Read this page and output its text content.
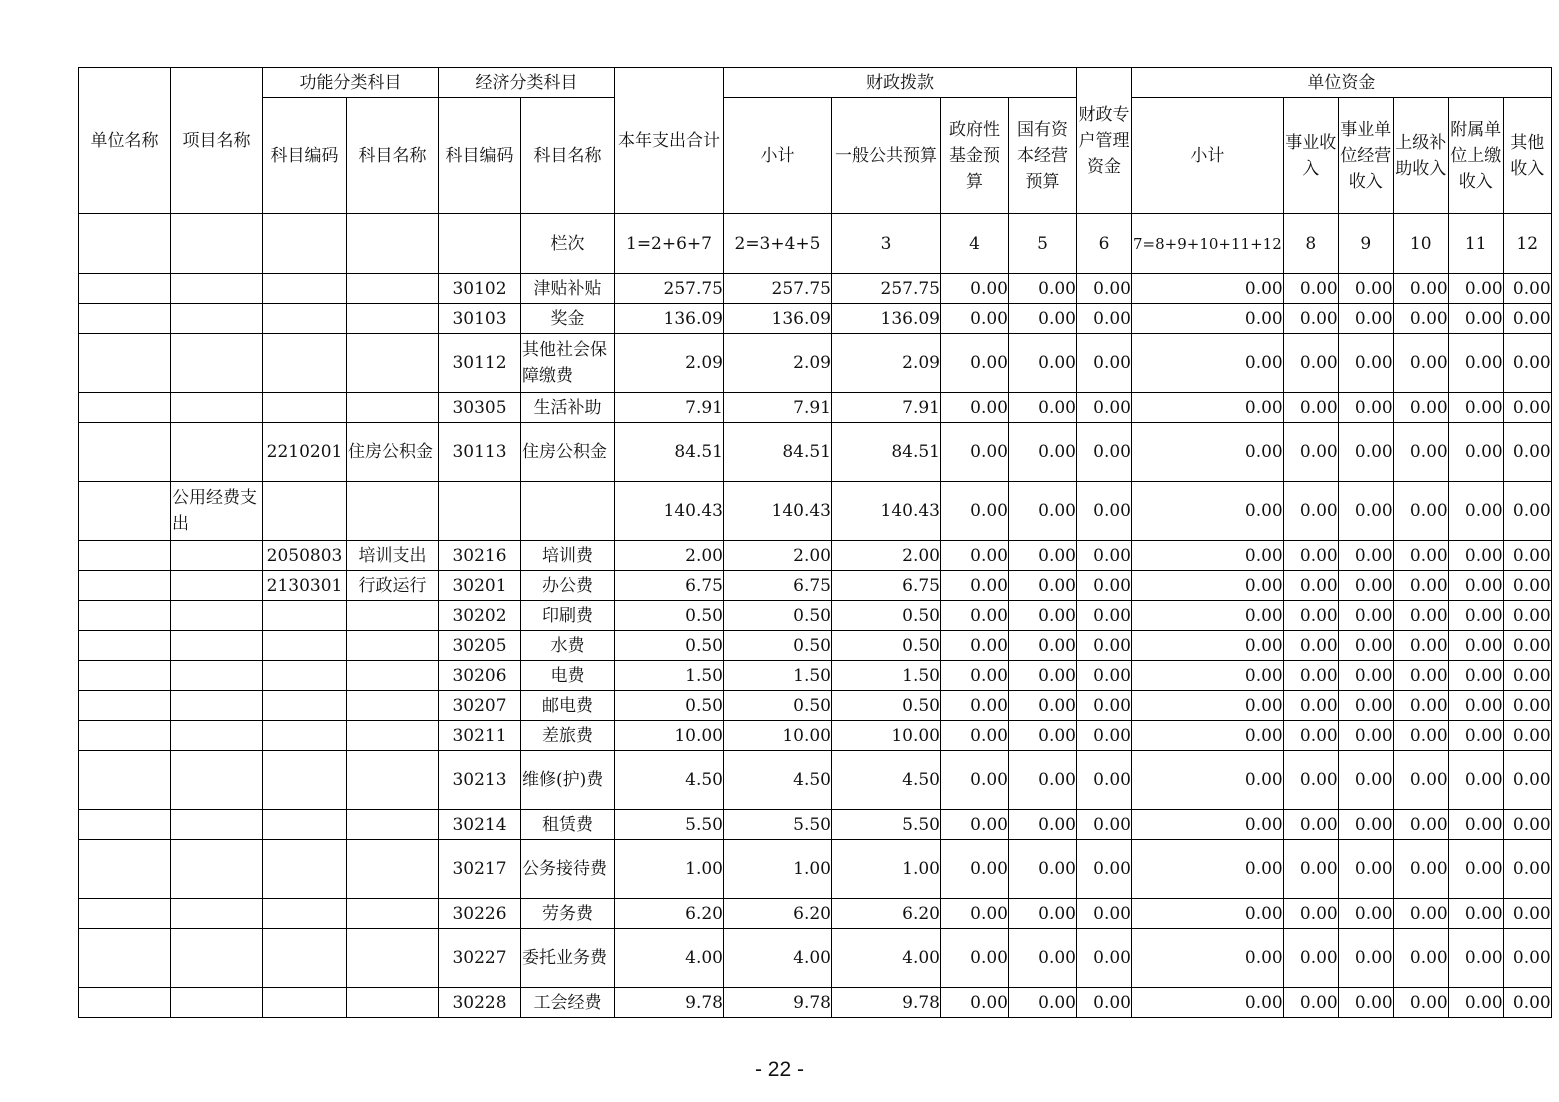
单位名称	项目名称	功能分类科目		经济分类科目		本年支出合计	财政拨款				财政专户管理资金	单位资金					
		科目编码	科目名称	科目编码	科目名称		小计	一般公共预算	政府性基金预算	国有资本经营预算		小计	事业收入	事业单位经营收入	上级补助收入	附属单位上缴收入	其他收入
					栏次	1=2+6+7	2=3+4+5	3	4	5	6	7=8+9+10+11+12	8	9	10	11	12
				30102	津贴补贴	257.75	257.75	257.75	0.00	0.00	0.00	0.00	0.00	0.00	0.00	0.00	0.00
				30103	奖金	136.09	136.09	136.09	0.00	0.00	0.00	0.00	0.00	0.00	0.00	0.00	0.00
				30112	其他社会保障缴费	2.09	2.09	2.09	0.00	0.00	0.00	0.00	0.00	0.00	0.00	0.00	0.00
				30305	生活补助	7.91	7.91	7.91	0.00	0.00	0.00	0.00	0.00	0.00	0.00	0.00	0.00
		2210201	住房公积金	30113	住房公积金	84.51	84.51	84.51	0.00	0.00	0.00	0.00	0.00	0.00	0.00	0.00	0.00
	公用经费支出					140.43	140.43	140.43	0.00	0.00	0.00	0.00	0.00	0.00	0.00	0.00	0.00
		2050803	培训支出	30216	培训费	2.00	2.00	2.00	0.00	0.00	0.00	0.00	0.00	0.00	0.00	0.00	0.00
		2130301	行政运行	30201	办公费	6.75	6.75	6.75	0.00	0.00	0.00	0.00	0.00	0.00	0.00	0.00	0.00
				30202	印刷费	0.50	0.50	0.50	0.00	0.00	0.00	0.00	0.00	0.00	0.00	0.00	0.00
				30205	水费	0.50	0.50	0.50	0.00	0.00	0.00	0.00	0.00	0.00	0.00	0.00	0.00
				30206	电费	1.50	1.50	1.50	0.00	0.00	0.00	0.00	0.00	0.00	0.00	0.00	0.00
				30207	邮电费	0.50	0.50	0.50	0.00	0.00	0.00	0.00	0.00	0.00	0.00	0.00	0.00
				30211	差旅费	10.00	10.00	10.00	0.00	0.00	0.00	0.00	0.00	0.00	0.00	0.00	0.00
				30213	维修(护)费	4.50	4.50	4.50	0.00	0.00	0.00	0.00	0.00	0.00	0.00	0.00	0.00
				30214	租赁费	5.50	5.50	5.50	0.00	0.00	0.00	0.00	0.00	0.00	0.00	0.00	0.00
				30217	公务接待费	1.00	1.00	1.00	0.00	0.00	0.00	0.00	0.00	0.00	0.00	0.00	0.00
				30226	劳务费	6.20	6.20	6.20	0.00	0.00	0.00	0.00	0.00	0.00	0.00	0.00	0.00
				30227	委托业务费	4.00	4.00	4.00	0.00	0.00	0.00	0.00	0.00	0.00	0.00	0.00	0.00
				30228	工会经费	9.78	9.78	9.78	0.00	0.00	0.00	0.00	0.00	0.00	0.00	0.00	0.00
- 22 -
